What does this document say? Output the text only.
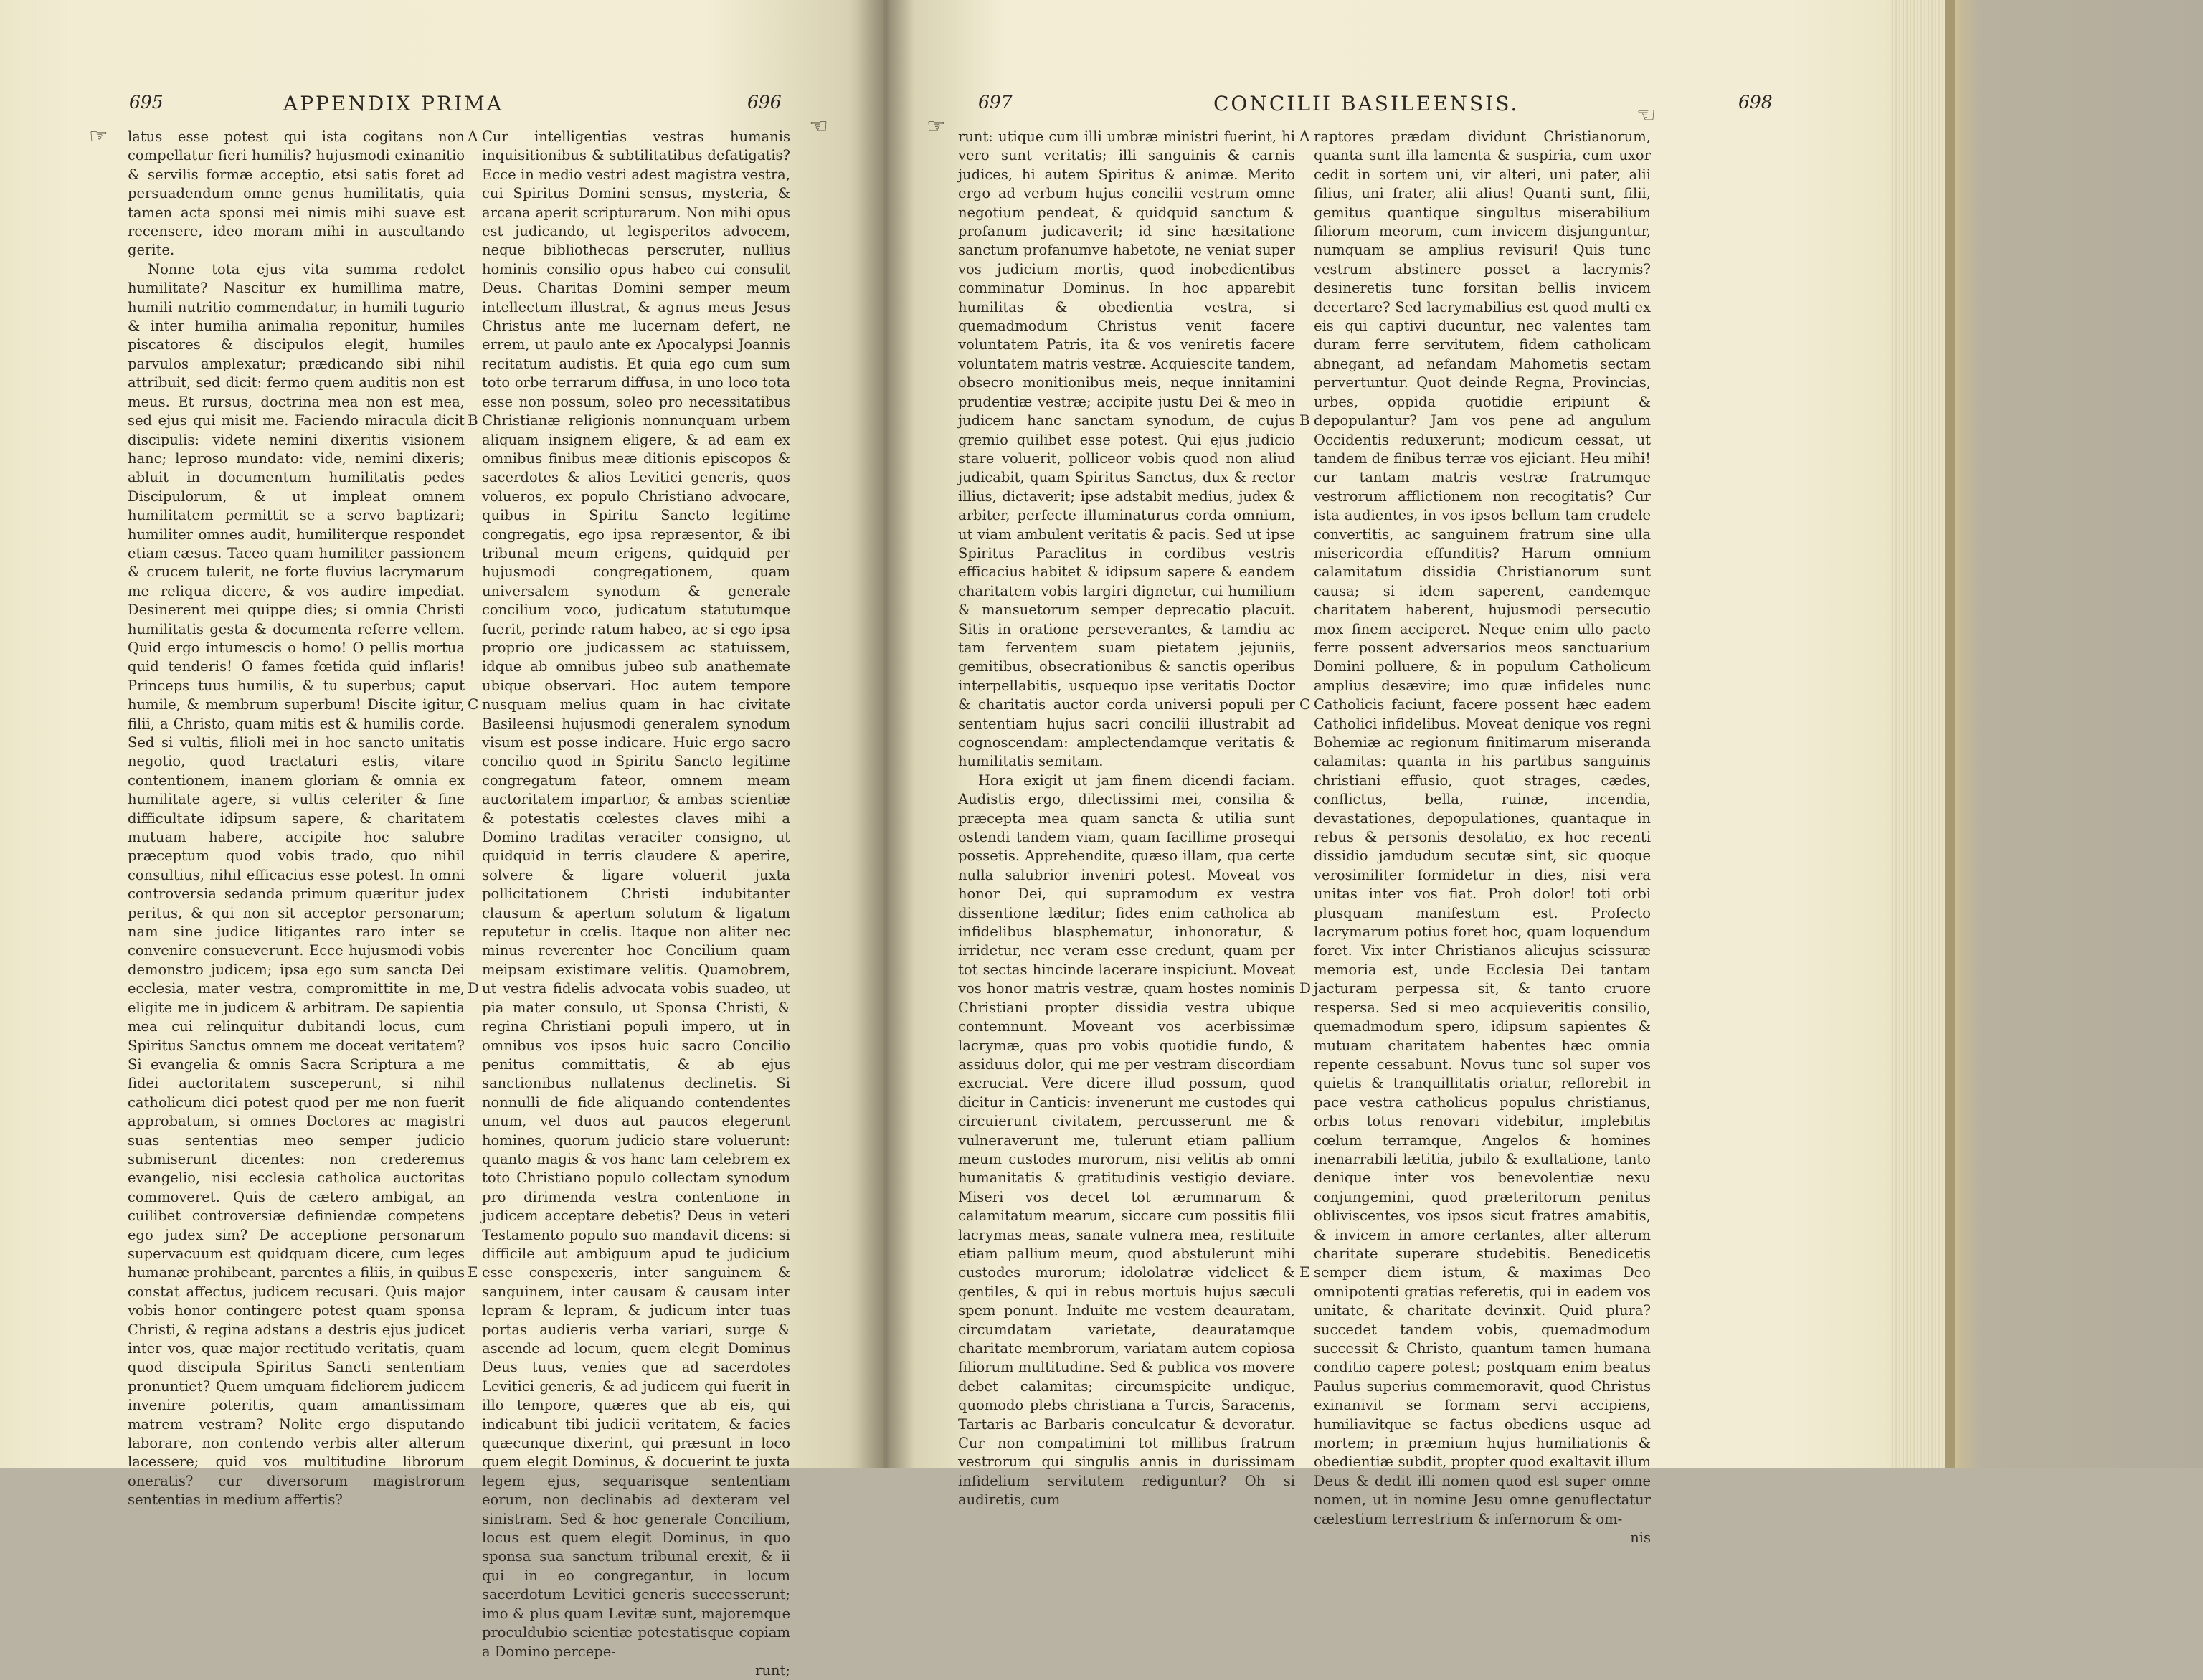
695	APPENDIX PRIMA	696
☞	☜

latus esse potest qui ista cogitans non compellatur fieri humilis? hujusmodi exinanitio & servilis formæ acceptio, etsi satis foret ad persuadendum omne genus humilitatis, quia tamen acta sponsi mei nimis mihi suave est recensere, ideo moram mihi in auscultando gerite.

Nonne tota ejus vita summa redolet humilitate? Nascitur ex humillima matre, humili nutritio commendatur, in humili tugurio & inter humilia animalia reponitur, humiles piscatores & discipulos elegit, humiles parvulos amplexatur; prædicando sibi nihil attribuit, sed dicit: fermo quem auditis non est meus. Et rursus, doctrina mea non est mea, sed ejus qui misit me. Faciendo miracula dicit discipulis: videte nemini dixeritis visionem hanc; leproso mundato: vide, nemini dixeris; abluit in documentum humilitatis pedes Discipulorum, & ut impleat omnem humilitatem permittit se a servo baptizari; humiliter omnes audit, humiliterque respondet etiam cæsus. Taceo quam humiliter passionem & crucem tulerit, ne forte fluvius lacrymarum me reliqua dicere, & vos audire impediat. Desinerent mei quippe dies; si omnia Christi humilitatis gesta & documenta referre vellem. Quid ergo intumescis o homo! O pellis mortua quid tenderis! O fames fœtida quid inflaris! Princeps tuus humilis, & tu superbus; caput humile, & membrum superbum! Discite igitur, filii, a Christo, quam mitis est & humilis corde. Sed si vultis, filioli mei in hoc sancto unitatis negotio, quod tractaturi estis, vitare contentionem, inanem gloriam & omnia ex humilitate agere, si vultis celeriter & fine difficultate idipsum sapere, & charitatem mutuam habere, accipite hoc salubre præceptum quod vobis trado, quo nihil consultius, nihil efficacius esse potest. In omni controversia sedanda primum quæritur judex peritus, & qui non sit acceptor personarum; nam sine judice litigantes raro inter se convenire consueverunt. Ecce hujusmodi vobis demonstro judicem; ipsa ego sum sancta Dei ecclesia, mater vestra, compromittite in me, eligite me in judicem & arbitram. De sapientia mea cui relinquitur dubitandi locus, cum Spiritus Sanctus omnem me doceat veritatem? Si evangelia & omnis Sacra Scriptura a me fidei auctoritatem susceperunt, si nihil catholicum dici potest quod per me non fuerit approbatum, si omnes Doctores ac magistri suas sententias meo semper judicio submiserunt dicentes: non crederemus evangelio, nisi ecclesia catholica auctoritas commoveret. Quis de cætero ambigat, an cuilibet controversiæ definiendæ competens ego judex sim? De acceptione personarum supervacuum est quidquam dicere, cum leges humanæ prohibeant, parentes a filiis, in quibus constat affectus, judicem recusari. Quis major vobis honor contingere potest quam sponsa Christi, & regina adstans a destris ejus judicet inter vos, quæ major rectitudo veritatis, quam quod discipula Spiritus Sancti sententiam pronuntiet? Quem umquam fideliorem judicem invenire poteritis, quam amantissimam matrem vestram? Nolite ergo disputando laborare, non contendo verbis alter alterum lacessere; quid vos multitudine librorum oneratis? cur diversorum magistrorum sententias in medium affertis?

A
B
C
D
E

Cur intelligentias vestras humanis inquisitionibus & subtilitatibus defatigatis? Ecce in medio vestri adest magistra vestra, cui Spiritus Domini sensus, mysteria, & arcana aperit scripturarum. Non mihi opus est judicando, ut legisperitos advocem, neque bibliothecas perscruter, nullius hominis consilio opus habeo cui consulit Deus. Charitas Domini semper meum intellectum illustrat, & agnus meus Jesus Christus ante me lucernam defert, ne errem, ut paulo ante ex Apocalypsi Joannis recitatum audistis. Et quia ego cum sum toto orbe terrarum diffusa, in uno loco tota esse non possum, soleo pro necessitatibus Christianæ religionis nonnunquam urbem aliquam insignem eligere, & ad eam ex omnibus finibus meæ ditionis episcopos & sacerdotes & alios Levitici generis, quos volueros, ex populo Christiano advocare, quibus in Spiritu Sancto legitime congregatis, ego ipsa repræsentor, & ibi tribunal meum erigens, quidquid per hujusmodi congregationem, quam universalem synodum & generale concilium voco, judicatum statutumque fuerit, perinde ratum habeo, ac si ego ipsa proprio ore judicassem ac statuissem, idque ab omnibus jubeo sub anathemate ubique observari. Hoc autem tempore nusquam melius quam in hac civitate Basileensi hujusmodi generalem synodum visum est posse indicare. Huic ergo sacro concilio quod in Spiritu Sancto legitime congregatum fateor, omnem meam auctoritatem impartior, & ambas scientiæ & potestatis cœlestes claves mihi a Domino traditas veraciter consigno, ut quidquid in terris claudere & aperire, solvere & ligare voluerit juxta pollicitationem Christi indubitanter clausum & apertum solutum & ligatum reputetur in cœlis. Itaque non aliter nec minus reverenter hoc Concilium quam meipsam existimare velitis. Quamobrem, ut vestra fidelis advocata vobis suadeo, ut pia mater consulo, ut Sponsa Christi, & regina Christiani populi impero, ut in omnibus vos ipsos huic sacro Concilio penitus committatis, & ab ejus sanctionibus nullatenus declinetis. Si nonnulli de fide aliquando contendentes unum, vel duos aut paucos elegerunt homines, quorum judicio stare voluerunt: quanto magis & vos hanc tam celebrem ex toto Christiano populo collectam synodum pro dirimenda vestra contentione in judicem acceptare debetis? Deus in veteri Testamento populo suo mandavit dicens: si difficile aut ambiguum apud te judicium esse conspexeris, inter sanguinem & sanguinem, inter causam & causam inter lepram & lepram, & judicum inter tuas portas audieris verba variari, surge & ascende ad locum, quem elegit Dominus Deus tuus, venies que ad sacerdotes Levitici generis, & ad judicem qui fuerit in illo tempore, quæres que ab eis, qui indicabunt tibi judicii veritatem, & facies quæcunque dixerint, qui præsunt in loco quem elegit Dominus, & docuerint te juxta legem ejus, sequarisque sententiam eorum, non declinabis ad dexteram vel sinistram. Sed & hoc generale Concilium, locus est quem elegit Dominus, in quo sponsa sua sanctum tribunal erexit, & ii qui in eo congregantur, in locum sacerdotum Levitici generis successerunt; imo & plus quam Levitæ sunt, majoremque proculdubio scientiæ potestatisque copiam a Domino percepe-

runt;

697	CONCILII BASILEENSIS.	698
☞	☜

runt: utique cum illi umbræ ministri fuerint, hi vero sunt veritatis; illi sanguinis & carnis judices, hi autem Spiritus & animæ. Merito ergo ad verbum hujus concilii vestrum omne negotium pendeat, & quidquid sanctum & profanum judicaverit; id sine hæsitatione sanctum profanumve habetote, ne veniat super vos judicium mortis, quod inobedientibus comminatur Dominus. In hoc apparebit humilitas & obedientia vestra, si quemadmodum Christus venit facere voluntatem Patris, ita & vos veniretis facere voluntatem matris vestræ. Acquiescite tandem, obsecro monitionibus meis, neque innitamini prudentiæ vestræ; accipite justu Dei & meo in judicem hanc sanctam synodum, de cujus gremio quilibet esse potest. Qui ejus judicio stare voluerit, polliceor vobis quod non aliud judicabit, quam Spiritus Sanctus, dux & rector illius, dictaverit; ipse adstabit medius, judex & arbiter, perfecte illuminaturus corda omnium, ut viam ambulent veritatis & pacis. Sed ut ipse Spiritus Paraclitus in cordibus vestris efficacius habitet & idipsum sapere & eandem charitatem vobis largiri dignetur, cui humilium & mansuetorum semper deprecatio placuit. Sitis in oratione perseverantes, & tamdiu ac tam ferventem suam pietatem jejuniis, gemitibus, obsecrationibus & sanctis operibus interpellabitis, usquequo ipse veritatis Doctor & charitatis auctor corda universi populi per sententiam hujus sacri concilii illustrabit ad cognoscendam: amplectendamque veritatis & humilitatis semitam.

Hora exigit ut jam finem dicendi faciam. Audistis ergo, dilectissimi mei, consilia & præcepta mea quam sancta & utilia sunt ostendi tandem viam, quam facillime prosequi possetis. Apprehendite, quæso illam, qua certe nulla salubrior inveniri potest. Moveat vos honor Dei, qui supramodum ex vestra dissentione læditur; fides enim catholica ab infidelibus blasphematur, inhonoratur, & irridetur, nec veram esse credunt, quam per tot sectas hincinde lacerare inspiciunt. Moveat vos honor matris vestræ, quam hostes nominis Christiani propter dissidia vestra ubique contemnunt. Moveant vos acerbissimæ lacrymæ, quas pro vobis quotidie fundo, & assiduus dolor, qui me per vestram discordiam excruciat. Vere dicere illud possum, quod dicitur in Canticis: invenerunt me custodes qui circuierunt civitatem, percusserunt me & vulneraverunt me, tulerunt etiam pallium meum custodes murorum, nisi velitis ab omni humanitatis & gratitudinis vestigio deviare. Miseri vos decet tot ærumnarum & calamitatum mearum, siccare cum possitis filii lacrymas meas, sanate vulnera mea, restituite etiam pallium meum, quod abstulerunt mihi custodes murorum; idololatræ videlicet & gentiles, & qui in rebus mortuis hujus sæculi spem ponunt. Induite me vestem deauratam, circumdatam varietate, deauratamque charitate membrorum, variatam autem copiosa filiorum multitudine. Sed & publica vos movere debet calamitas; circumspicite undique, quomodo plebs christiana a Turcis, Saracenis, Tartaris ac Barbaris conculcatur & devoratur. Cur non compatimini tot millibus fratrum vestrorum qui singulis annis in durissimam infidelium servitutem rediguntur? Oh si audiretis, cum

A
B
C
D
E

raptores prædam dividunt Christianorum, quanta sunt illa lamenta & suspiria, cum uxor cedit in sortem uni, vir alteri, uni pater, alii filius, uni frater, alii alius! Quanti sunt, filii, gemitus quantique singultus miserabilium filiorum meorum, cum invicem disjunguntur, numquam se amplius revisuri! Quis tunc vestrum abstinere posset a lacrymis? desineretis tunc forsitan bellis invicem decertare? Sed lacrymabilius est quod multi ex eis qui captivi ducuntur, nec valentes tam duram ferre servitutem, fidem catholicam abnegant, ad nefandam Mahometis sectam pervertuntur. Quot deinde Regna, Provincias, urbes, oppida quotidie eripiunt & depopulantur? Jam vos pene ad angulum Occidentis reduxerunt; modicum cessat, ut tandem de finibus terræ vos ejiciant. Heu mihi! cur tantam matris vestræ fratrumque vestrorum afflictionem non recogitatis? Cur ista audientes, in vos ipsos bellum tam crudele convertitis, ac sanguinem fratrum sine ulla misericordia effunditis? Harum omnium calamitatum dissidia Christianorum sunt causa; si idem saperent, eandemque charitatem haberent, hujusmodi persecutio mox finem acciperet. Neque enim ullo pacto ferre possent adversarios meos sanctuarium Domini polluere, & in populum Catholicum amplius desævire; imo quæ infideles nunc Catholicis faciunt, facere possent hæc eadem Catholici infidelibus. Moveat denique vos regni Bohemiæ ac regionum finitimarum miseranda calamitas: quanta in his partibus sanguinis christiani effusio, quot strages, cædes, conflictus, bella, ruinæ, incendia, devastationes, depopulationes, quantaque in rebus & personis desolatio, ex hoc recenti dissidio jamdudum secutæ sint, sic quoque verosimiliter formidetur in dies, nisi vera unitas inter vos fiat. Proh dolor! toti orbi plusquam manifestum est. Profecto lacrymarum potius foret hoc, quam loquendum foret. Vix inter Christianos alicujus scissuræ memoria est, unde Ecclesia Dei tantam jacturam perpessa sit, & tanto cruore respersa. Sed si meo acquieveritis consilio, quemadmodum spero, idipsum sapientes & mutuam charitatem habentes hæc omnia repente cessabunt. Novus tunc sol super vos quietis & tranquillitatis oriatur, reflorebit in pace vestra catholicus populus christianus, orbis totus renovari videbitur, implebitis cœlum terramque, Angelos & homines inenarrabili lætitia, jubilo & exultatione, tanto denique inter vos benevolentiæ nexu conjungemini, quod præteritorum penitus obliviscentes, vos ipsos sicut fratres amabitis, & invicem in amore certantes, alter alterum charitate superare studebitis. Benedicetis semper diem istum, & maximas Deo omnipotenti gratias referetis, qui in eadem vos unitate, & charitate devinxit. Quid plura? succedet tandem vobis, quemadmodum successit & Christo, quantum tamen humana conditio capere potest; postquam enim beatus Paulus superius commemoravit, quod Christus exinanivit se formam servi accipiens, humiliavitque se factus obediens usque ad mortem; in præmium hujus humiliationis & obedientiæ subdit, propter quod exaltavit illum Deus & dedit illi nomen quod est super omne nomen, ut in nomine Jesu omne genuflectatur cælestium terrestrium & infernorum & om-

nis
